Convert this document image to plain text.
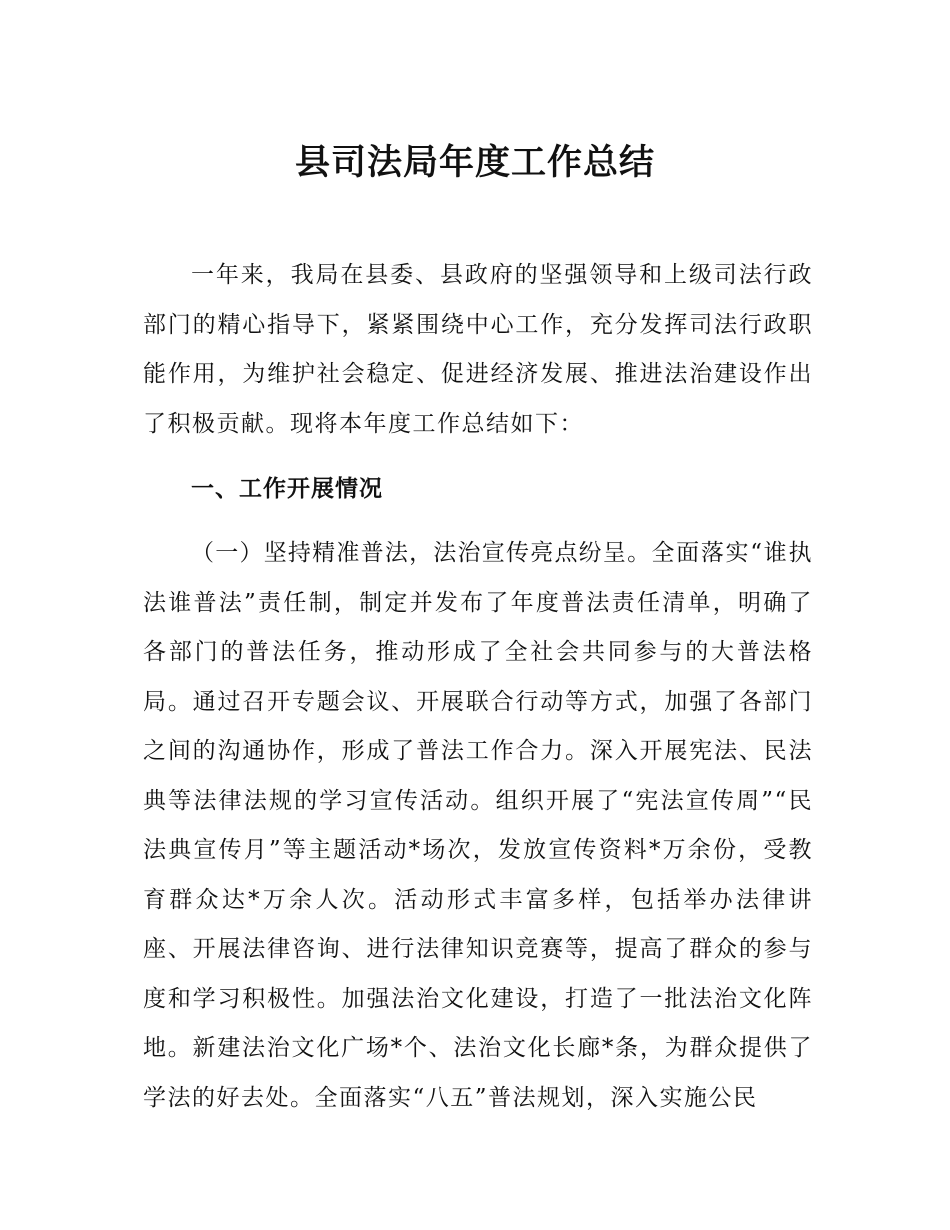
县司法局年度工作总结

一年来，我局在县委、县政府的坚强领导和上级司法行政部门的精心指导下，紧紧围绕中心工作，充分发挥司法行政职能作用，为维护社会稳定、促进经济发展、推进法治建设作出了积极贡献。现将本年度工作总结如下：

一、工作开展情况

（一）坚持精准普法，法治宣传亮点纷呈。全面落实“谁执法谁普法”责任制，制定并发布了年度普法责任清单，明确了各部门的普法任务，推动形成了全社会共同参与的大普法格局。通过召开专题会议、开展联合行动等方式，加强了各部门之间的沟通协作，形成了普法工作合力。深入开展宪法、民法典等法律法规的学习宣传活动。组织开展了“宪法宣传周”“民法典宣传月”等主题活动*场次，发放宣传资料*万余份，受教育群众达*万余人次。活动形式丰富多样，包括举办法律讲座、开展法律咨询、进行法律知识竞赛等，提高了群众的参与度和学习积极性。加强法治文化建设，打造了一批法治文化阵地。新建法治文化广场*个、法治文化长廊*条，为群众提供了学法的好去处。全面落实“八五”普法规划，深入实施公民
